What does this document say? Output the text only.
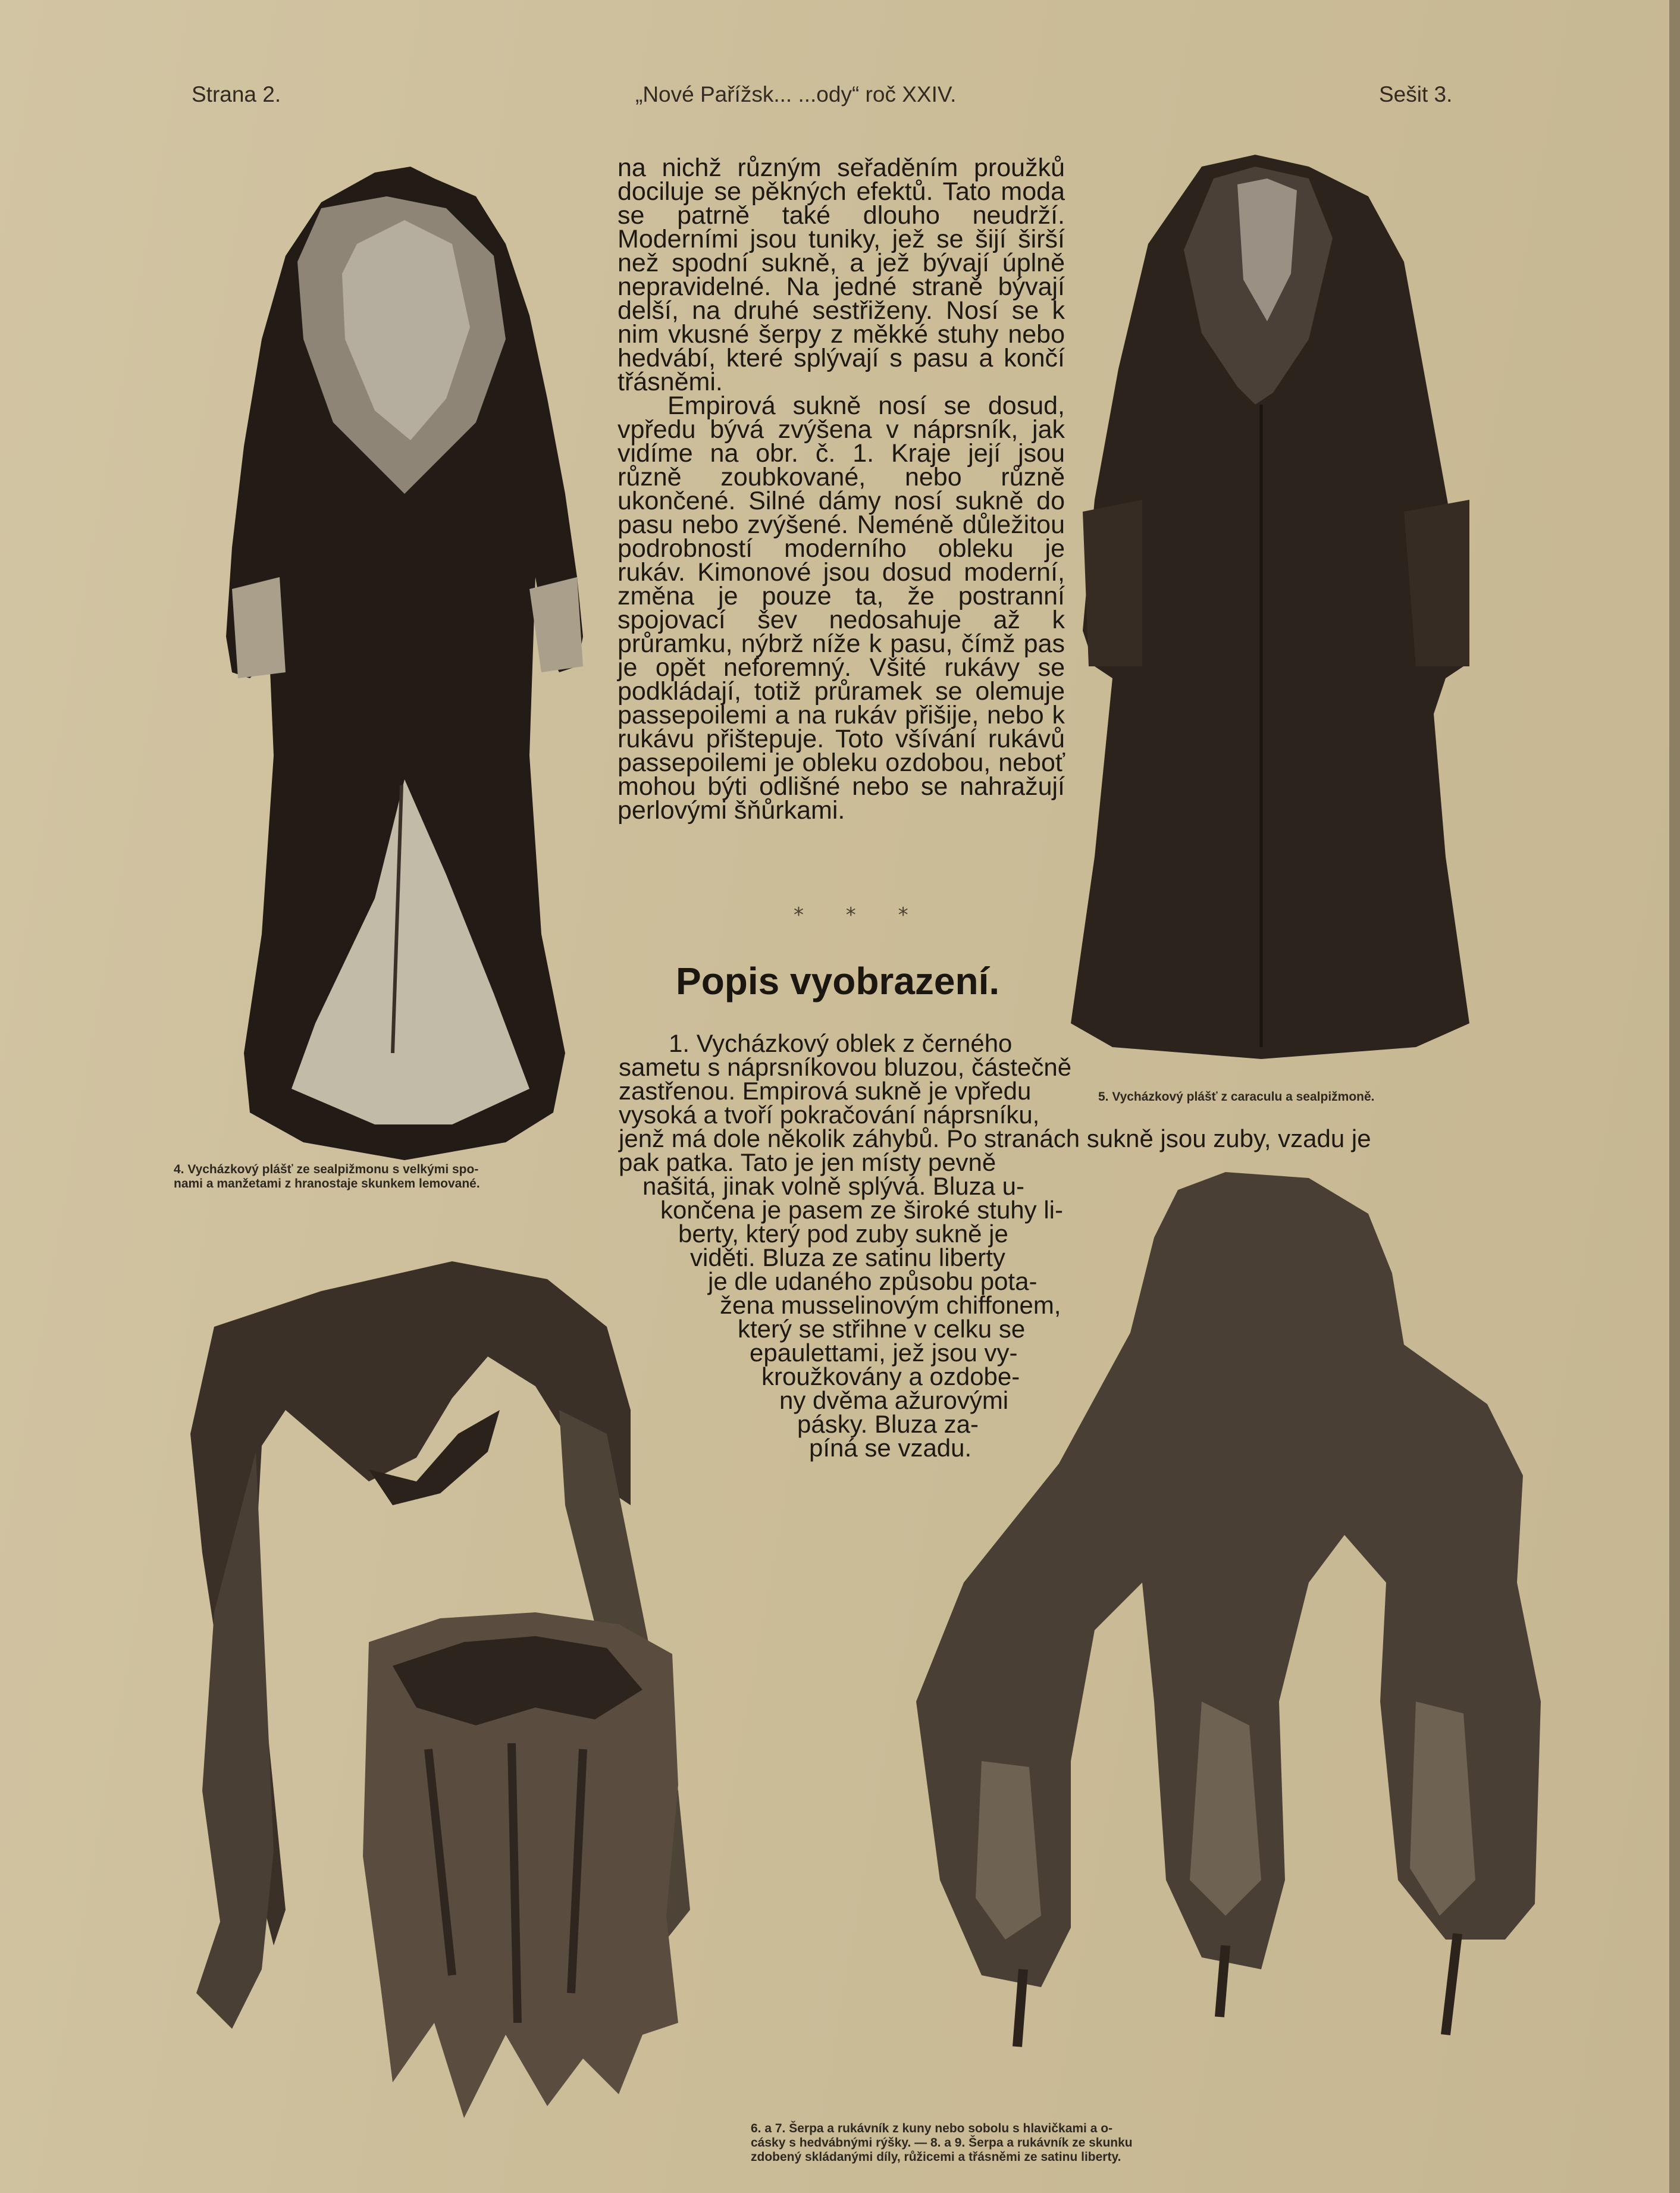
Strana 2.	„Nové Pařížsk... ...ody“ roč XXIV.	Sešit 3.
4. Vycházkový plášť ze sealpižmonu s velkými spo-
nami a manžetami z hranostaje skunkem lemované.
5. Vycházkový plášť z caraculu a sealpižmoně.

na nichž různým seřaděním proužků dociluje se pěkných efektů. Tato moda se patrně také dlouho neudrží. Moderními jsou tuniky, jež se šijí širší než spodní sukně, a jež bývají úplně nepravidelné. Na jedné straně bývají delší, na druhé sestřiženy. Nosí se k nim vkusné šerpy z měkké stuhy nebo hedvábí, které splývají s pasu a končí třásněmi.

Empirová sukně nosí se dosud, vpředu bývá zvýšena v náprsník, jak vidíme na obr. č. 1. Kraje její jsou různě zoubkované, nebo různě ukončené. Silné dámy nosí sukně do pasu nebo zvýšené. Neméně důležitou podrobností moderního obleku je rukáv. Kimonové jsou dosud moderní, změna je pouze ta, že postranní spojovací šev nedosahuje až k průramku, nýbrž níže k pasu, čímž pas je opět neforemný. Všité rukávy se podkládají, totiž průramek se olemuje passepoilemi a na rukáv přišije, nebo k rukávu přištepuje. Toto všívání rukávů passepoilemi je obleku ozdobou, neboť mohou býti odlišné nebo se nahražují perlovými šňůrkami.

* * *
Popis vyobrazení.
1. Vycházkový oblek z černého
sametu s náprsníkovou bluzou, částečně
zastřenou. Empirová sukně je vpředu
vysoká a tvoří pokračování náprsníku,
jenž má dole několik záhybů. Po stranách sukně jsou zuby, vzadu je
pak patka. Tato je jen místy pevně
našitá, jinak volně splývá. Bluza u-
končena je pasem ze široké stuhy li-
berty, který pod zuby sukně je
viděti. Bluza ze satinu liberty
je dle udaného způsobu pota-
žena musselinovým chiffonem,
který se střihne v celku se
epaulettami, jež jsou vy-
kroužkovány a ozdobe-
ny dvěma ažurovými
pásky. Bluza za-
píná se vzadu.
6. a 7. Šerpa a rukávník z kuny nebo sobolu s hlavičkami a o-
cásky s hedvábnými rýšky. — 8. a 9. Šerpa a rukávník ze skunku
zdobený skládanými díly, růžicemi a třásněmi ze satinu liberty.
